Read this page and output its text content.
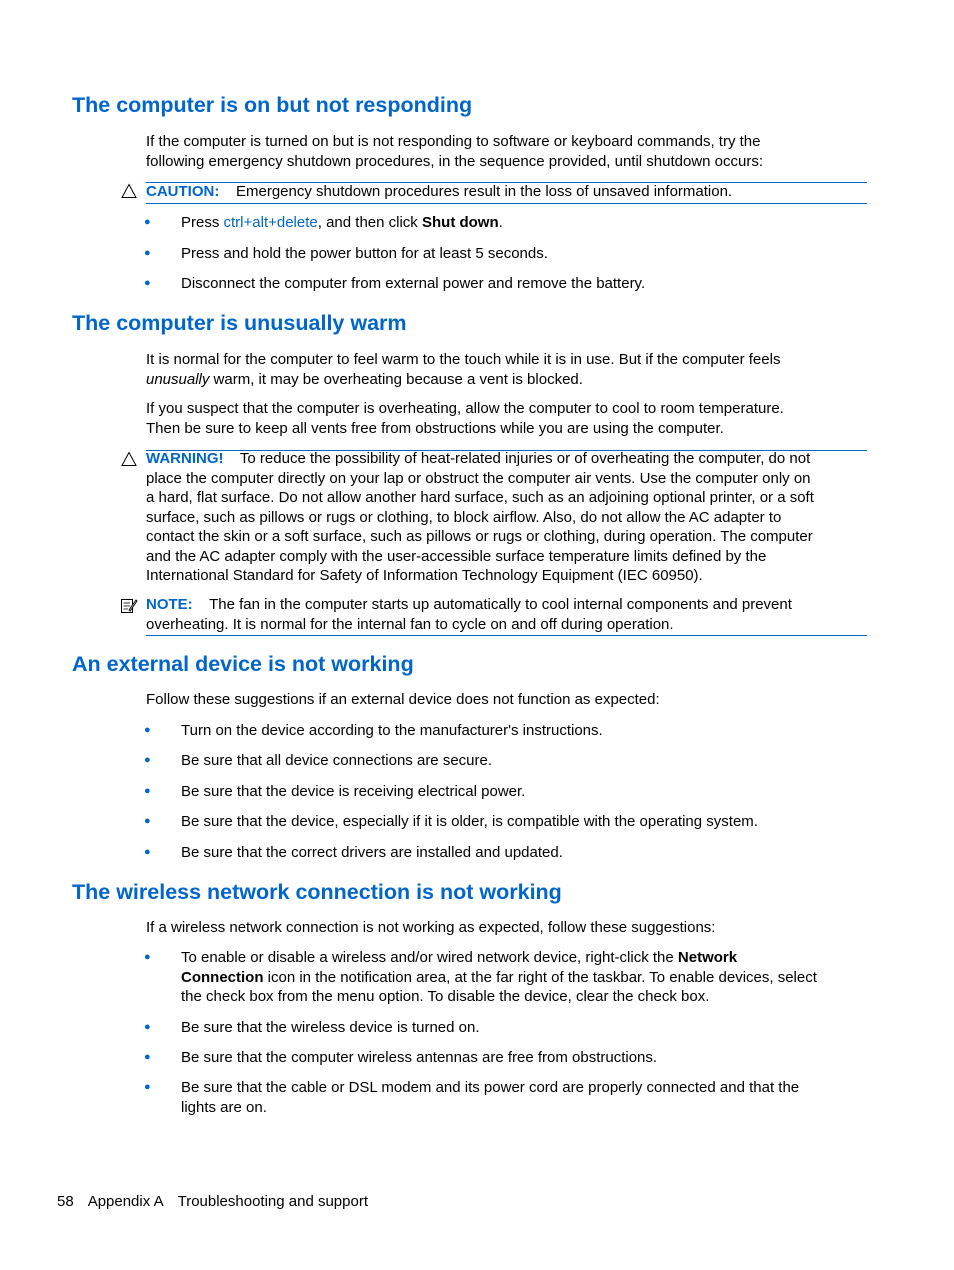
The computer is on but not responding

If the computer is turned on but is not responding to software or keyboard commands, try the
following emergency shutdown procedures, in the sequence provided, until shutdown occurs:

CAUTION: Emergency shutdown procedures result in the loss of unsaved information.

● Press ctrl+alt+delete, and then click Shut down.

● Press and hold the power button for at least 5 seconds.

● Disconnect the computer from external power and remove the battery.

The computer is unusually warm

It is normal for the computer to feel warm to the touch while it is in use. But if the computer feels
unusually warm, it may be overheating because a vent is blocked.

If you suspect that the computer is overheating, allow the computer to cool to room temperature.
Then be sure to keep all vents free from obstructions while you are using the computer.

WARNING! To reduce the possibility of heat-related injuries or of overheating the computer, do not
place the computer directly on your lap or obstruct the computer air vents. Use the computer only on
a hard, flat surface. Do not allow another hard surface, such as an adjoining optional printer, or a soft
surface, such as pillows or rugs or clothing, to block airflow. Also, do not allow the AC adapter to
contact the skin or a soft surface, such as pillows or rugs or clothing, during operation. The computer
and the AC adapter comply with the user-accessible surface temperature limits defined by the
International Standard for Safety of Information Technology Equipment (IEC 60950).

NOTE: The fan in the computer starts up automatically to cool internal components and prevent
overheating. It is normal for the internal fan to cycle on and off during operation.

An external device is not working

Follow these suggestions if an external device does not function as expected:

● Turn on the device according to the manufacturer's instructions.

● Be sure that all device connections are secure.

● Be sure that the device is receiving electrical power.

● Be sure that the device, especially if it is older, is compatible with the operating system.

● Be sure that the correct drivers are installed and updated.

The wireless network connection is not working

If a wireless network connection is not working as expected, follow these suggestions:

● To enable or disable a wireless and/or wired network device, right-click the Network
Connection icon in the notification area, at the far right of the taskbar. To enable devices, select
the check box from the menu option. To disable the device, clear the check box.

● Be sure that the wireless device is turned on.

● Be sure that the computer wireless antennas are free from obstructions.

● Be sure that the cable or DSL modem and its power cord are properly connected and that the
lights are on.

58 Appendix A Troubleshooting and support
